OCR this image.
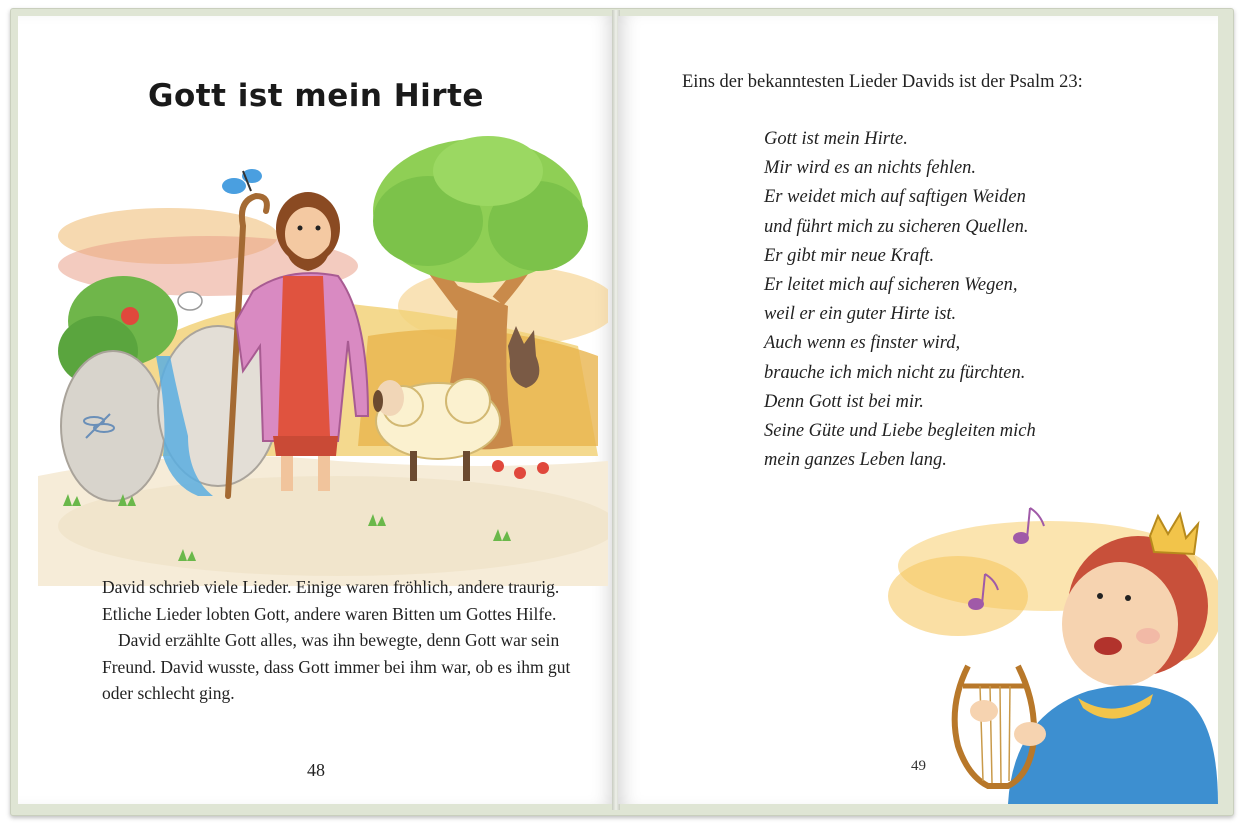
Gott ist mein Hirte

David schrieb viele Lieder. Einige waren fröhlich, andere traurig. Etliche Lieder lobten Gott, andere waren Bitten um Gottes Hilfe.

David erzählte Gott alles, was ihn bewegte, denn Gott war sein Freund. David wusste, dass Gott immer bei ihm war, ob es ihm gut oder schlecht ging.

48
Eins der bekanntesten Lieder Davids ist der Psalm 23:
Gott ist mein Hirte.
Mir wird es an nichts fehlen.
Er weidet mich auf saftigen Weiden
und führt mich zu sicheren Quellen.
Er gibt mir neue Kraft.
Er leitet mich auf sicheren Wegen,
weil er ein guter Hirte ist.
Auch wenn es finster wird,
brauche ich mich nicht zu fürchten.
Denn Gott ist bei mir.
Seine Güte und Liebe begleiten mich
mein ganzes Leben lang.
49
